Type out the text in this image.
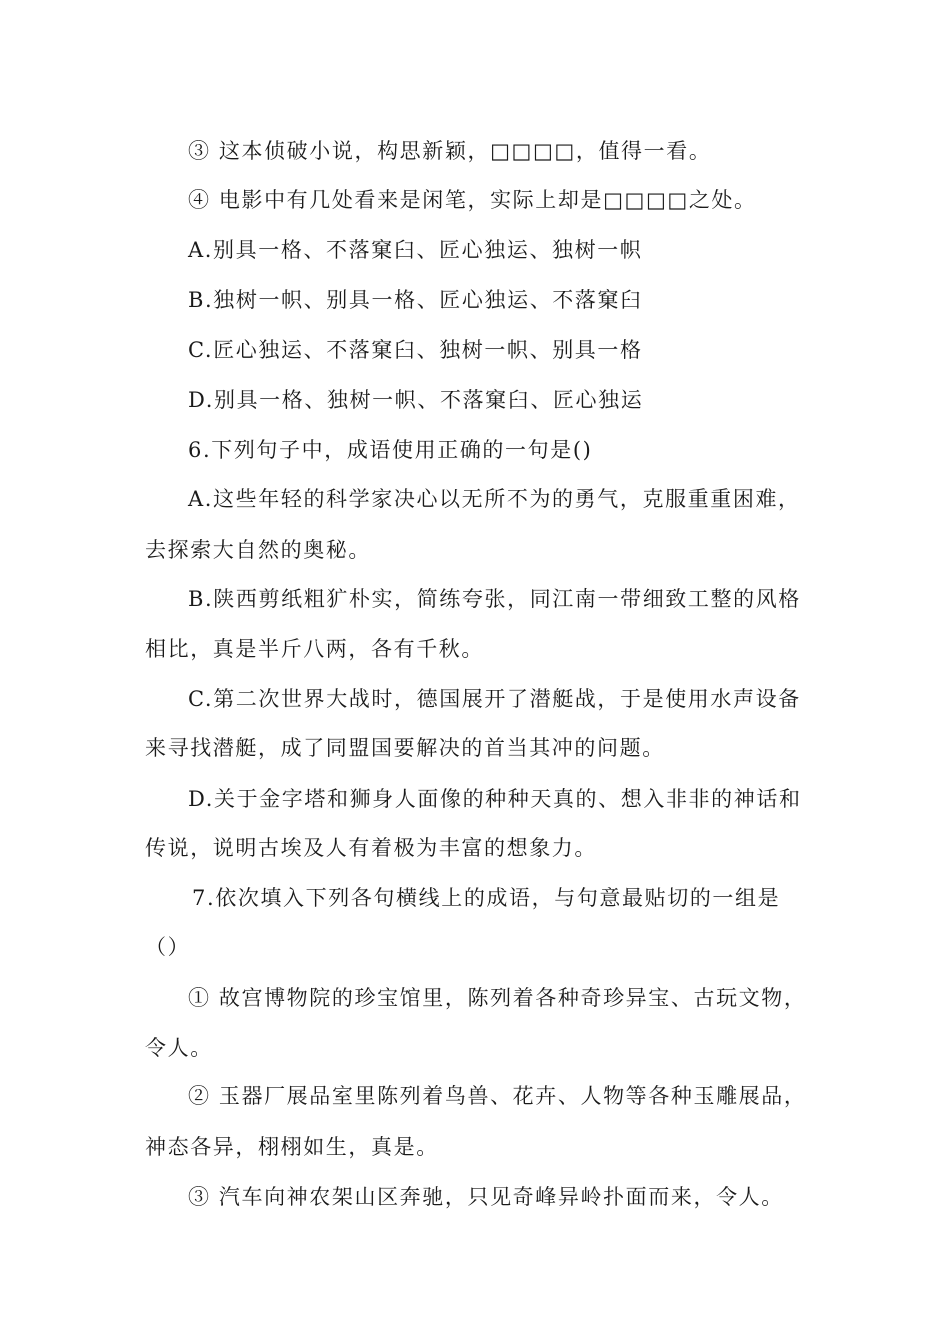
③ 这本侦破小说，构思新颖，□□□□，值得一看。
④ 电影中有几处看来是闲笔，实际上却是□□□□之处。
A.别具一格、不落窠臼、匠心独运、独树一帜
B.独树一帜、别具一格、匠心独运、不落窠臼
C.匠心独运、不落窠臼、独树一帜、别具一格
D.别具一格、独树一帜、不落窠臼、匠心独运
6.下列句子中，成语使用正确的一句是()
A.这些年轻的科学家决心以无所不为的勇气，克服重重困难，
去探索大自然的奥秘。
B.陕西剪纸粗犷朴实，简练夸张，同江南一带细致工整的风格
相比，真是半斤八两，各有千秋。
C.第二次世界大战时，德国展开了潜艇战，于是使用水声设备
来寻找潜艇，成了同盟国要解决的首当其冲的问题。
D.关于金字塔和狮身人面像的种种天真的、想入非非的神话和
传说，说明古埃及人有着极为丰富的想象力。
7.依次填入下列各句横线上的成语，与句意最贴切的一组是
（）
① 故宫博物院的珍宝馆里，陈列着各种奇珍异宝、古玩文物，
令人。
② 玉器厂展品室里陈列着鸟兽、花卉、人物等各种玉雕展品，
神态各异，栩栩如生，真是。
③ 汽车向神农架山区奔驰，只见奇峰异岭扑面而来，令人。
